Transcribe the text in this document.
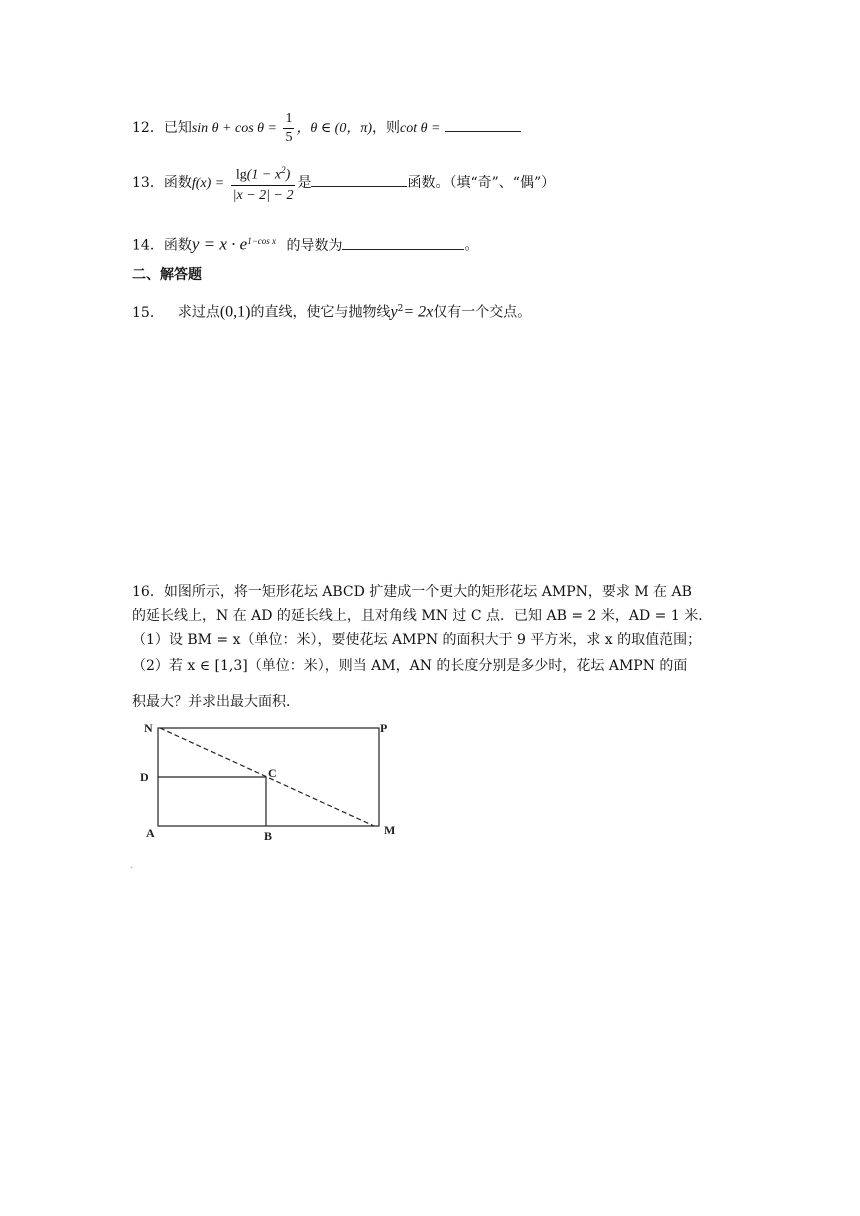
12．已知$\sin \theta + \cos \theta = \frac{1}{5}$ ，θ ∈ (0，π)，则cot θ =
13．函数$f(x) = \frac{\lg(1 - x^2)}{|x - 2| - 2}$ 是	函数。（填“奇”、“偶”）
14．函数$y = x \cdot e^{1-cos x}$ 的导数为	。
二、解答题
15． 求过点(0,1)的直线，使它与抛物线$y^2= 2x$仅有一个交点。
16．如图所示，将一矩形花坛 ABCD 扩建成一个更大的矩形花坛 AMPN，要求 M 在 AB
的延长线上，N 在 AD 的延长线上，且对角线 MN 过 C 点．已知 AB = 2 米，AD = 1 米．
（1）设 BM = x（单位：米），要使花坛 AMPN 的面积大于 9 平方米，求 x 的取值范围；
（2）若 x ∈ [1,3]（单位：米），则当 AM，AN 的长度分别是多少时，花坛 AMPN 的面
积最大？并求出最大面积．
N	P
D	C
A	B	M
.
